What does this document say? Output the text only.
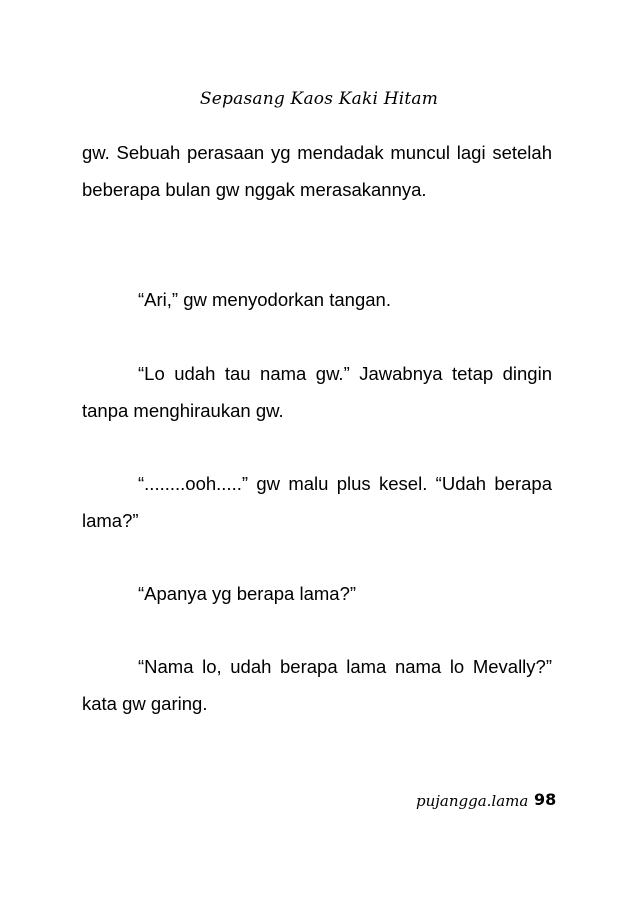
Sepasang Kaos Kaki Hitam

gw. Sebuah perasaan yg mendadak muncul lagi setelah beberapa bulan gw nggak merasakannya.

“Ari,” gw menyodorkan tangan.

“Lo udah tau nama gw.” Jawabnya tetap dingin tanpa menghiraukan gw.

“........ooh.....” gw malu plus kesel. “Udah berapa lama?”

“Apanya yg berapa lama?”

“Nama lo, udah berapa lama nama lo Mevally?” kata gw garing.

pujangga.lama 98
